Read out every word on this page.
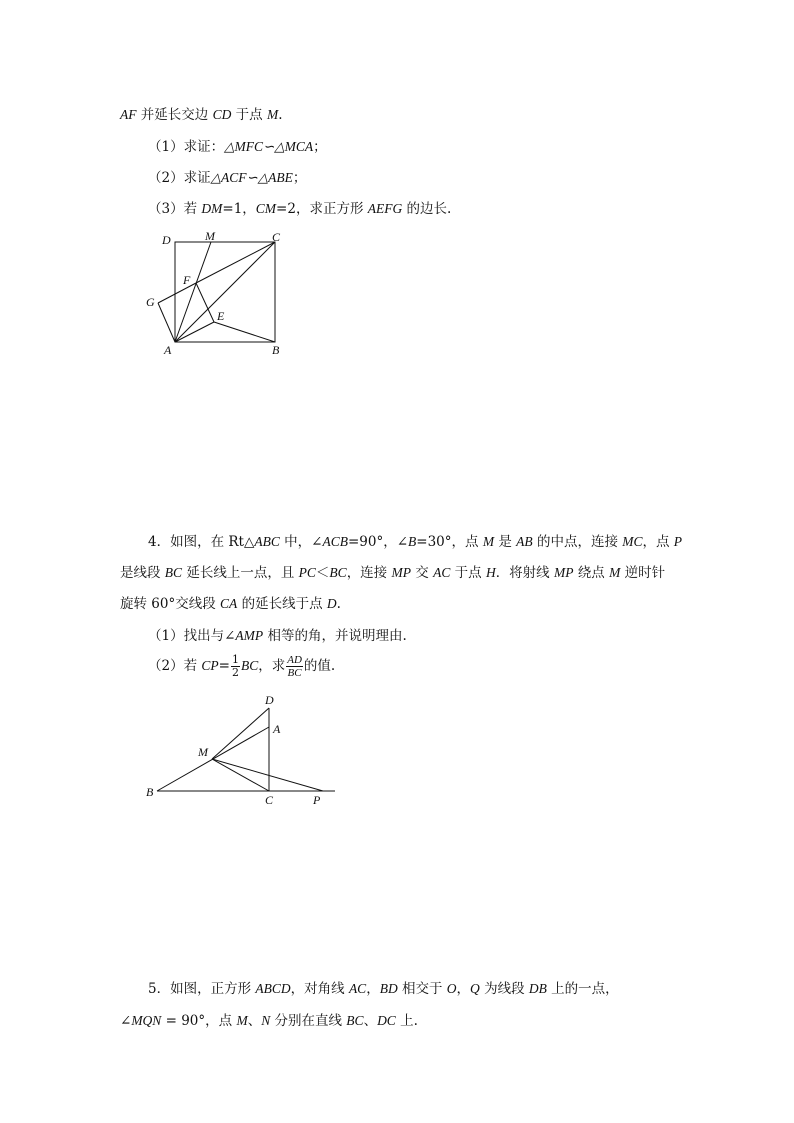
AF 并延长交边 CD 于点 M.
（1）求证：△MFC∽△MCA；
（2）求证△ACF∽△ABE；
（3）若 DM=1，CM=2，求正方形 AEFG 的边长.
D	M	C
F
G
E
A	B
4．如图，在 Rt△ABC 中，∠ACB=90°，∠B=30°，点 M 是 AB 的中点，连接 MC，点 P
是线段 BC 延长线上一点，且 PC＜BC，连接 MP 交 AC 于点 H．将射线 MP 绕点 M 逆时针
旋转 60°交线段 CA 的延长线于点 D.
（1）找出与∠AMP 相等的角，并说明理由.
（2）若 $CP= \frac{1}{2}$ BC，求 $\frac{AD}{BC}$ 的值.
D
A
M
B
C	P
5．如图，正方形 ABCD，对角线 AC，BD 相交于 O，Q 为线段 DB 上的一点，
∠MQN = 90°，点 M、N 分别在直线 BC、DC 上.
